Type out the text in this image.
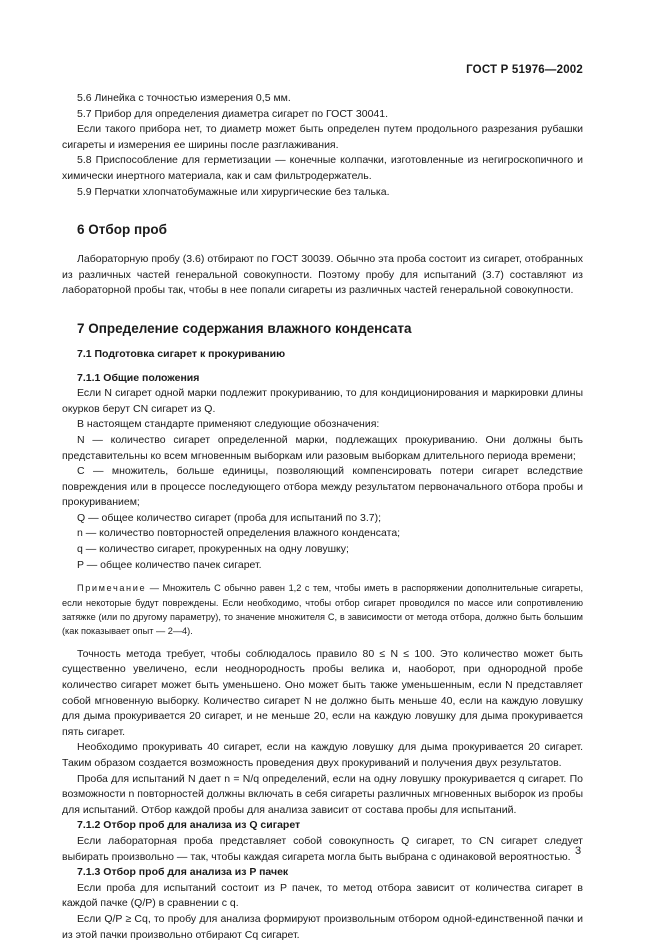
ГОСТ Р 51976—2002

5.6 Линейка с точностью измерения 0,5 мм.

5.7 Прибор для определения диаметра сигарет по ГОСТ 30041.

Если такого прибора нет, то диаметр может быть определен путем продольного разрезания рубашки сигареты и измерения ее ширины после разглаживания.

5.8 Приспособление для герметизации — конечные колпачки, изготовленные из негигроскопичного и химически инертного материала, как и сам фильтродержатель.

5.9 Перчатки хлопчатобумажные или хирургические без талька.

6 Отбор проб

Лабораторную пробу (3.6) отбирают по ГОСТ 30039. Обычно эта проба состоит из сигарет, отобранных из различных частей генеральной совокупности. Поэтому пробу для испытаний (3.7) составляют из лабораторной пробы так, чтобы в нее попали сигареты из различных частей генеральной совокупности.

7 Определение содержания влажного конденсата

7.1 Подготовка сигарет к прокуриванию

7.1.1 Общие положения

Если N сигарет одной марки подлежит прокуриванию, то для кондиционирования и маркировки длины окурков берут CN сигарет из Q.

В настоящем стандарте применяют следующие обозначения:

N — количество сигарет определенной марки, подлежащих прокуриванию. Они должны быть представительны ко всем мгновенным выборкам или разовым выборкам длительного периода времени;

C — множитель, больше единицы, позволяющий компенсировать потери сигарет вследствие повреждения или в процессе последующего отбора между результатом первоначального отбора пробы и прокуриванием;

Q — общее количество сигарет (проба для испытаний по 3.7);

n — количество повторностей определения влажного конденсата;

q — количество сигарет, прокуренных на одну ловушку;

P — общее количество пачек сигарет.

Примечание — Множитель C обычно равен 1,2 с тем, чтобы иметь в распоряжении дополнительные сигареты, если некоторые будут повреждены. Если необходимо, чтобы отбор сигарет проводился по массе или сопротивлению затяжке (или по другому параметру), то значение множителя C, в зависимости от метода отбора, должно быть большим (как показывает опыт — 2—4).

Точность метода требует, чтобы соблюдалось правило 80 ≤ N ≤ 100. Это количество может быть существенно увеличено, если неоднородность пробы велика и, наоборот, при однородной пробе количество сигарет может быть уменьшено. Оно может быть также уменьшенным, если N представляет собой мгновенную выборку. Количество сигарет N не должно быть меньше 40, если на каждую ловушку для дыма прокуривается 20 сигарет, и не меньше 20, если на каждую ловушку для дыма прокуривается пять сигарет.

Необходимо прокуривать 40 сигарет, если на каждую ловушку для дыма прокуривается 20 сигарет. Таким образом создается возможность проведения двух прокуриваний и получения двух результатов.

Проба для испытаний N дает n = N/q определений, если на одну ловушку прокуривается q сигарет. По возможности n повторностей должны включать в себя сигареты различных мгновенных выборок из пробы для испытаний. Отбор каждой пробы для анализа зависит от состава пробы для испытаний.

7.1.2 Отбор проб для анализа из Q сигарет

Если лабораторная проба представляет собой совокупность Q сигарет, то CN сигарет следует выбирать произвольно — так, чтобы каждая сигарета могла быть выбрана с одинаковой вероятностью.

7.1.3 Отбор проб для анализа из P пачек

Если проба для испытаний состоит из P пачек, то метод отбора зависит от количества сигарет в каждой пачке (Q/P) в сравнении с q.

Если Q/P ≥ Cq, то пробу для анализа формируют произвольным отбором одной-единственной пачки и из этой пачки произвольно отбирают Cq сигарет.

3
